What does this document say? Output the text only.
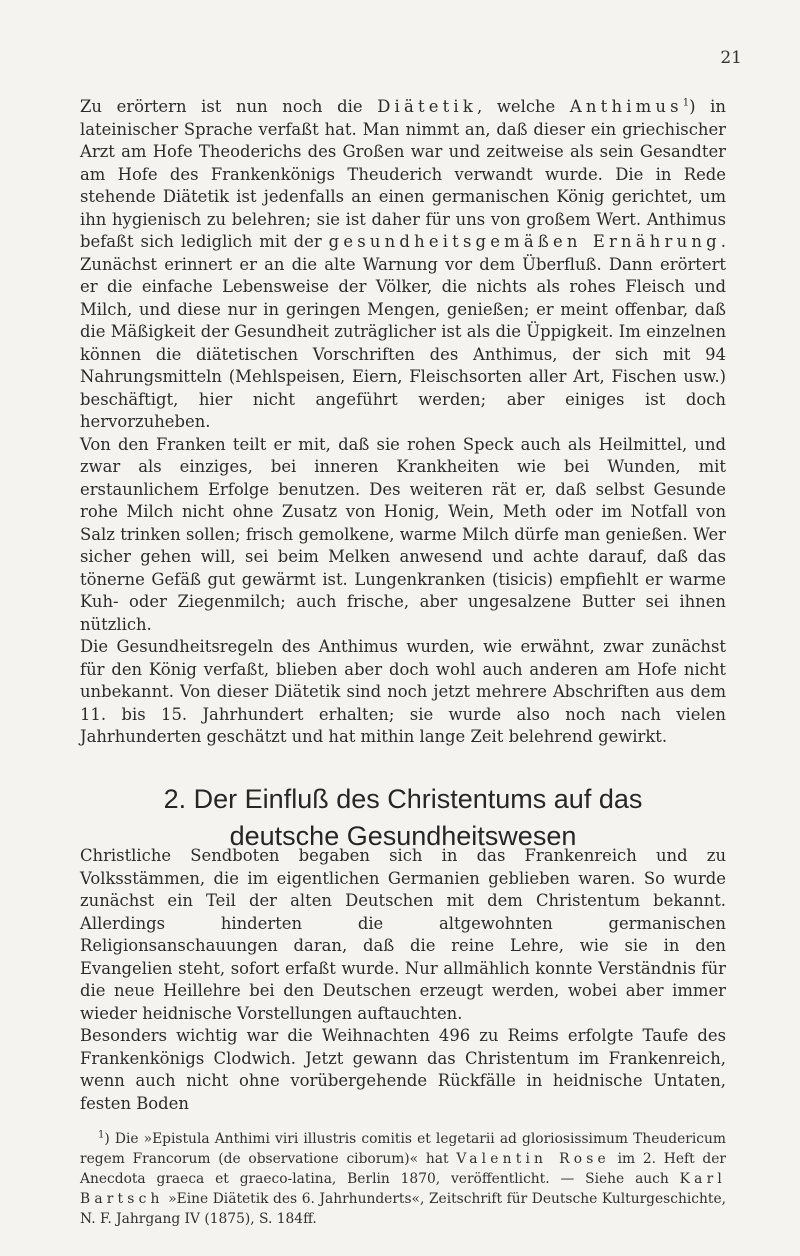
21

Zu erörtern ist nun noch die Diätetik, welche Anthimus$^1$) in lateinischer Sprache verfaßt hat. Man nimmt an, daß dieser ein griechischer Arzt am Hofe Theoderichs des Großen war und zeitweise als sein Gesandter am Hofe des Frankenkönigs Theuderich verwandt wurde. Die in Rede stehende Diätetik ist jedenfalls an einen germanischen König gerichtet, um ihn hygienisch zu belehren; sie ist daher für uns von großem Wert. Anthimus befaßt sich lediglich mit der gesundheitsgemäßen Ernährung. Zunächst erinnert er an die alte Warnung vor dem Überfluß. Dann erörtert er die einfache Lebensweise der Völker, die nichts als rohes Fleisch und Milch, und diese nur in geringen Mengen, genießen; er meint offenbar, daß die Mäßigkeit der Gesundheit zuträglicher ist als die Üppigkeit. Im einzelnen können die diätetischen Vorschriften des Anthimus, der sich mit 94 Nahrungsmitteln (Mehlspeisen, Eiern, Fleischsorten aller Art, Fischen usw.) beschäftigt, hier nicht angeführt werden; aber einiges ist doch hervorzuheben.

Von den Franken teilt er mit, daß sie rohen Speck auch als Heilmittel, und zwar als einziges, bei inneren Krankheiten wie bei Wunden, mit erstaunlichem Erfolge benutzen. Des weiteren rät er, daß selbst Gesunde rohe Milch nicht ohne Zusatz von Honig, Wein, Meth oder im Notfall von Salz trinken sollen; frisch gemolkene, warme Milch dürfe man genießen. Wer sicher gehen will, sei beim Melken anwesend und achte darauf, daß das tönerne Gefäß gut gewärmt ist. Lungenkranken (tisicis) empfiehlt er warme Kuh- oder Ziegenmilch; auch frische, aber ungesalzene Butter sei ihnen nützlich.

Die Gesundheitsregeln des Anthimus wurden, wie erwähnt, zwar zunächst für den König verfaßt, blieben aber doch wohl auch anderen am Hofe nicht unbekannt. Von dieser Diätetik sind noch jetzt mehrere Abschriften aus dem 11. bis 15. Jahrhundert erhalten; sie wurde also noch nach vielen Jahrhunderten geschätzt und hat mithin lange Zeit belehrend gewirkt.

2. Der Einfluß des Christentums auf das
deutsche Gesundheitswesen

Christliche Sendboten begaben sich in das Frankenreich und zu Volksstämmen, die im eigentlichen Germanien geblieben waren. So wurde zunächst ein Teil der alten Deutschen mit dem Christentum bekannt. Allerdings hinderten die altgewohnten germanischen Religionsanschauungen daran, daß die reine Lehre, wie sie in den Evangelien steht, sofort erfaßt wurde. Nur allmählich konnte Verständnis für die neue Heillehre bei den Deutschen erzeugt werden, wobei aber immer wieder heidnische Vorstellungen auftauchten.

Besonders wichtig war die Weihnachten 496 zu Reims erfolgte Taufe des Frankenkönigs Clodwich. Jetzt gewann das Christentum im Frankenreich, wenn auch nicht ohne vorübergehende Rückfälle in heidnische Untaten, festen Boden

$^1$) Die »Epistula Anthimi viri illustris comitis et legetarii ad gloriosissimum Theudericum regem Francorum (de observatione ciborum)« hat Valentin Rose im 2. Heft der Anecdota graeca et graeco-latina, Berlin 1870, veröffentlicht. — Siehe auch Karl Bartsch »Eine Diätetik des 6. Jahrhunderts«, Zeitschrift für Deutsche Kulturgeschichte, N. F. Jahrgang IV (1875), S. 184ff.
